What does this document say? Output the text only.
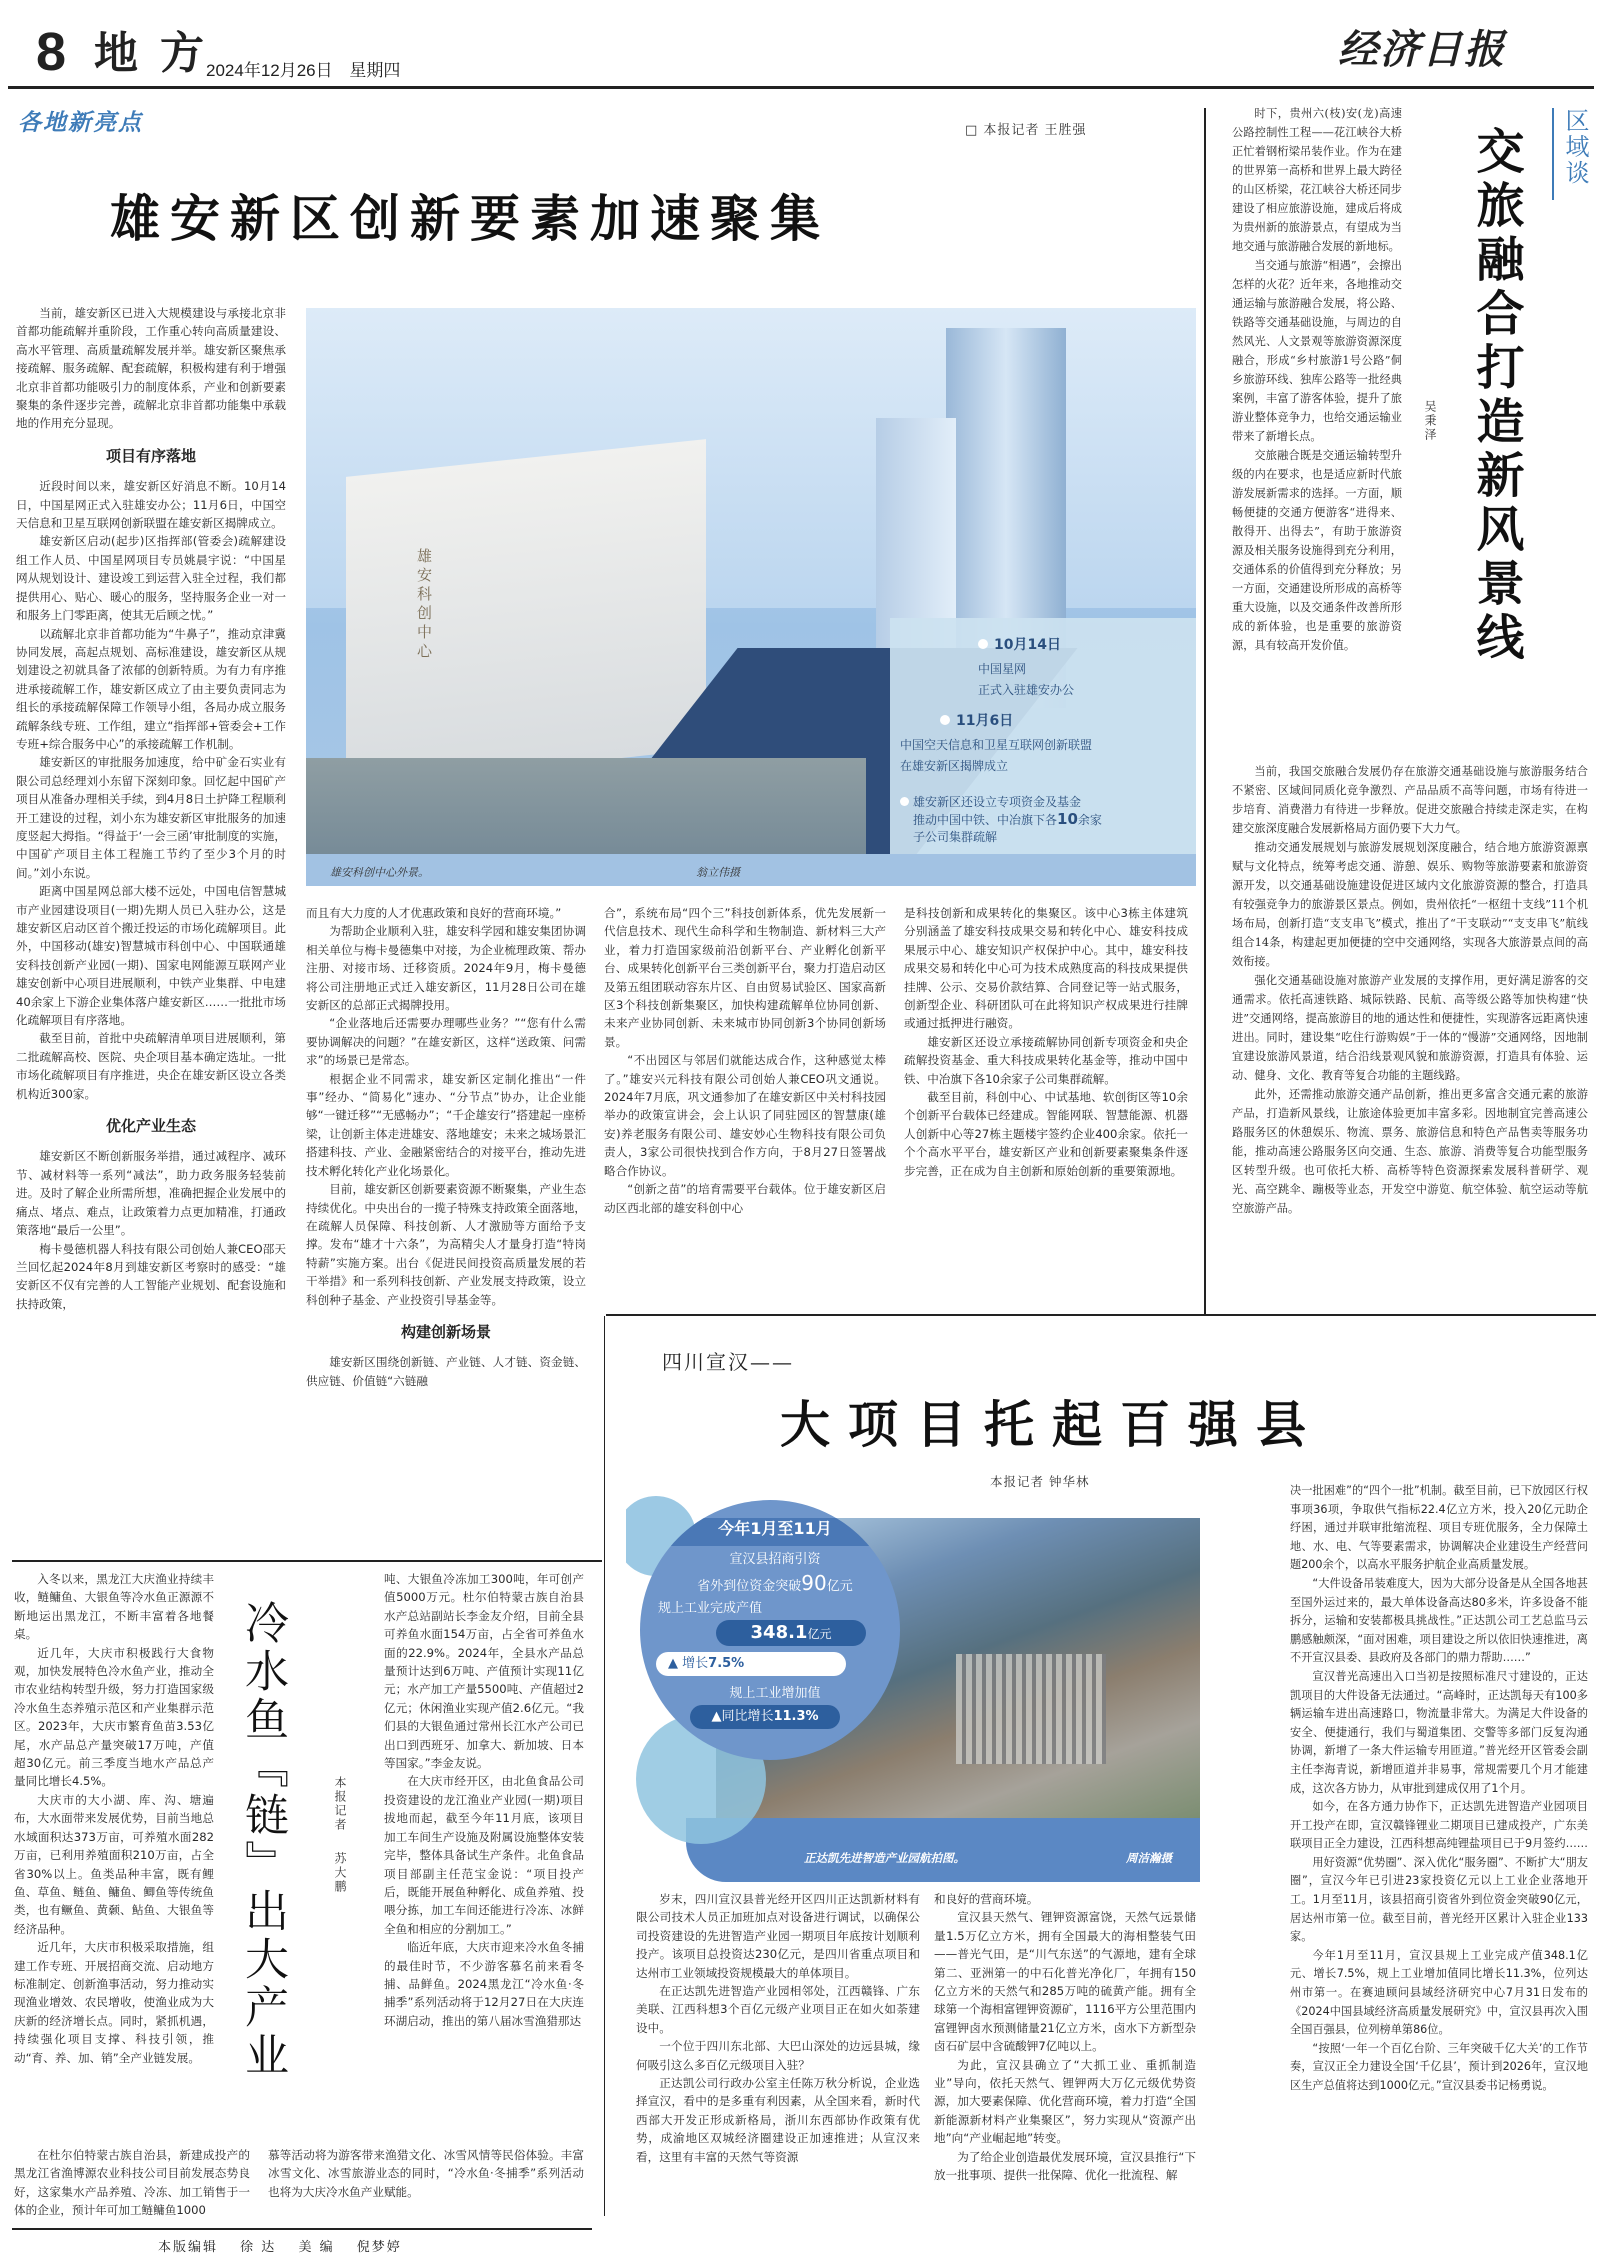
8 地方
2024年12月26日 星期四	经济日报
各地新亮点	□ 本报记者 王胜强
雄安新区创新要素加速聚集

当前，雄安新区已进入大规模建设与承接北京非首都功能疏解并重阶段，工作重心转向高质量建设、高水平管理、高质量疏解发展并举。雄安新区聚焦承接疏解、服务疏解、配套疏解，积极构建有利于增强北京非首都功能吸引力的制度体系，产业和创新要素聚集的条件逐步完善，疏解北京非首都功能集中承载地的作用充分显现。

项目有序落地

近段时间以来，雄安新区好消息不断。10月14日，中国星网正式入驻雄安办公；11月6日，中国空天信息和卫星互联网创新联盟在雄安新区揭牌成立。

雄安新区启动(起步)区指挥部(管委会)疏解建设组工作人员、中国星网项目专员姚晨宇说：“中国星网从规划设计、建设竣工到运营入驻全过程，我们都提供用心、贴心、暖心的服务，坚持服务企业一对一和服务上门零距离，使其无后顾之忧。”

以疏解北京非首都功能为“牛鼻子”，推动京津冀协同发展，高起点规划、高标准建设，雄安新区从规划建设之初就具备了浓郁的创新特质。为有力有序推进承接疏解工作，雄安新区成立了由主要负责同志为组长的承接疏解保障工作领导小组，各局办成立服务疏解条线专班、工作组，建立“指挥部+管委会+工作专班+综合服务中心”的承接疏解工作机制。

雄安新区的审批服务加速度，给中矿金石实业有限公司总经理刘小东留下深刻印象。回忆起中国矿产项目从准备办理相关手续，到4月8日土护降工程顺利开工建设的过程，刘小东为雄安新区审批服务的加速度竖起大拇指。“得益于‘一会三函’审批制度的实施，中国矿产项目主体工程施工节约了至少3个月的时间。”刘小东说。

距离中国星网总部大楼不远处，中国电信智慧城市产业园建设项目(一期)先期人员已入驻办公，这是雄安新区启动区首个搬迁投运的市场化疏解项目。此外，中国移动(雄安)智慧城市科创中心、中国联通雄安科技创新产业园(一期)、国家电网能源互联网产业雄安创新中心项目进展顺利，中铁产业集群、中电建40余家上下游企业集体落户雄安新区……一批批市场化疏解项目有序落地。

截至目前，首批中央疏解清单项目进展顺利，第二批疏解高校、医院、央企项目基本确定选址。一批市场化疏解项目有序推进，央企在雄安新区设立各类机构近300家。

优化产业生态

雄安新区不断创新服务举措，通过减程序、减环节、减材料等一系列“减法”，助力政务服务轻装前进。及时了解企业所需所想，准确把握企业发展中的痛点、堵点、难点，让政策着力点更加精准，打通政策落地“最后一公里”。

梅卡曼德机器人科技有限公司创始人兼CEO邵天兰回忆起2024年8月到雄安新区考察时的感受：“雄安新区不仅有完善的人工智能产业规划、配套设施和扶持政策，

雄安科创中心
雄安科创中心外景。	翁立伟摄
10月14日
中国星网
正式入驻雄安办公
11月6日
中国空天信息和卫星互联网创新联盟
在雄安新区揭牌成立
雄安新区还设立专项资金及基金
推动中国中铁、中冶旗下各10余家
子公司集群疏解

而且有大力度的人才优惠政策和良好的营商环境。”

为帮助企业顺利入驻，雄安科学园和雄安集团协调相关单位与梅卡曼德集中对接，为企业梳理政策、帮办注册、对接市场、迁移资质。2024年9月，梅卡曼德将公司注册地正式迁入雄安新区，11月28日公司在雄安新区的总部正式揭牌投用。

“企业落地后还需要办理哪些业务？”“您有什么需要协调解决的问题？”在雄安新区，这样“送政策、问需求”的场景已是常态。

根据企业不同需求，雄安新区定制化推出“一件事”经办、“简易化”速办、“分节点”协办，让企业能够“一键迁移”“无感畅办”；“千企雄安行”搭建起一座桥梁，让创新主体走进雄安、落地雄安；未来之城场景汇搭建科技、产业、金融紧密结合的对接平台，推动先进技术孵化转化产业化场景化。

目前，雄安新区创新要素资源不断聚集，产业生态持续优化。中央出台的一揽子特殊支持政策全面落地，在疏解人员保障、科技创新、人才激励等方面给予支撑。发布“雄才十六条”，为高精尖人才量身打造“特岗特薪”实施方案。出台《促进民间投资高质量发展的若干举措》和一系列科技创新、产业发展支持政策，设立科创种子基金、产业投资引导基金等。

构建创新场景

雄安新区围绕创新链、产业链、人才链、资金链、供应链、价值链“六链融

合”，系统布局“四个三”科技创新体系，优先发展新一代信息技术、现代生命科学和生物制造、新材料三大产业，着力打造国家级前沿创新平台、产业孵化创新平台、成果转化创新平台三类创新平台，聚力打造启动区及第五组团联动容东片区、自由贸易试验区、国家高新区3个科技创新集聚区，加快构建疏解单位协同创新、未来产业协同创新、未来城市协同创新3个协同创新场景。

“不出园区与邻居们就能达成合作，这种感觉太棒了。”雄安兴元科技有限公司创始人兼CEO巩文通说。2024年7月底，巩文通参加了在雄安新区中关村科技园举办的政策宣讲会，会上认识了同驻园区的智慧康(雄安)养老服务有限公司、雄安妙心生物科技有限公司负责人，3家公司很快找到合作方向，于8月27日签署战略合作协议。

“创新之苗”的培育需要平台载体。位于雄安新区启动区西北部的雄安科创中心

是科技创新和成果转化的集聚区。该中心3栋主体建筑分别涵盖了雄安科技成果交易和转化中心、雄安科技成果展示中心、雄安知识产权保护中心。其中，雄安科技成果交易和转化中心可为技术成熟度高的科技成果提供挂牌、公示、交易价款结算、合同登记等一站式服务，创新型企业、科研团队可在此将知识产权成果进行挂牌或通过抵押进行融资。

雄安新区还设立承接疏解协同创新专项资金和央企疏解投资基金、重大科技成果转化基金等，推动中国中铁、中冶旗下各10余家子公司集群疏解。

截至目前，科创中心、中试基地、软创街区等10余个创新平台载体已经建成。智能网联、智慧能源、机器人创新中心等27栋主题楼宇签约企业400余家。依托一个个高水平平台，雄安新区产业和创新要素聚集条件逐步完善，正在成为自主创新和原始创新的重要策源地。

时下，贵州六(枝)安(龙)高速公路控制性工程——花江峡谷大桥正忙着钢桁梁吊装作业。作为在建的世界第一高桥和世界上最大跨径的山区桥梁，花江峡谷大桥还同步建设了相应旅游设施，建成后将成为贵州新的旅游景点，有望成为当地交通与旅游融合发展的新地标。

当交通与旅游“相遇”，会擦出怎样的火花？近年来，各地推动交通运输与旅游融合发展，将公路、铁路等交通基础设施，与周边的自然风光、人文景观等旅游资源深度融合，形成“乡村旅游1号公路”侗乡旅游环线、独库公路等一批经典案例，丰富了游客体验，提升了旅游业整体竞争力，也给交通运输业带来了新增长点。

交旅融合既是交通运输转型升级的内在要求，也是适应新时代旅游发展新需求的选择。一方面，顺畅便捷的交通方便游客“进得来、散得开、出得去”，有助于旅游资源及相关服务设施得到充分利用，交通体系的价值得到充分释放；另一方面，交通建设所形成的高桥等重大设施，以及交通条件改善所形成的新体验，也是重要的旅游资源，具有较高开发价值。

吴秉泽 交旅融合打造新风景线 区域谈

当前，我国交旅融合发展仍存在旅游交通基础设施与旅游服务结合不紧密、区域间同质化竞争激烈、产品品质不高等问题，市场有待进一步培育、消费潜力有待进一步释放。促进交旅融合持续走深走实，在构建交旅深度融合发展新格局方面仍要下大力气。

推动交通发展规划与旅游发展规划深度融合，结合地方旅游资源禀赋与文化特点，统筹考虑交通、游憩、娱乐、购物等旅游要素和旅游资源开发，以交通基础设施建设促进区域内文化旅游资源的整合，打造具有较强竞争力的旅游景区景点。例如，贵州依托“一枢纽十支线”11个机场布局，创新打造“支支串飞”模式，推出了“干支联动”“支支串飞”航线组合14条，构建起更加便捷的空中交通网络，实现各大旅游景点间的高效衔接。

强化交通基础设施对旅游产业发展的支撑作用，更好满足游客的交通需求。依托高速铁路、城际铁路、民航、高等级公路等加快构建“快进”交通网络，提高旅游目的地的通达性和便捷性，实现游客远距离快速进出。同时，建设集“吃住行游购娱”于一体的“慢游”交通网络，因地制宜建设旅游风景道，结合沿线景观风貌和旅游资源，打造具有体验、运动、健身、文化、教育等复合功能的主题线路。

此外，还需推动旅游交通产品创新，推出更多富含交通元素的旅游产品，打造新风景线，让旅途体验更加丰富多彩。因地制宜完善高速公路服务区的休憩娱乐、物流、票务、旅游信息和特色产品售卖等服务功能，推动高速公路服务区向交通、生态、旅游、消费等复合功能型服务区转型升级。也可依托大桥、高桥等特色资源探索发展科普研学、观光、高空跳伞、蹦极等业态，开发空中游览、航空体验、航空运动等航空旅游产品。

入冬以来，黑龙江大庆渔业持续丰收，鲢鳙鱼、大银鱼等冷水鱼正源源不断地运出黑龙江，不断丰富着各地餐桌。

近几年，大庆市积极践行大食物观，加快发展特色冷水鱼产业，推动全市农业结构转型升级，努力打造国家级冷水鱼生态养殖示范区和产业集群示范区。2023年，大庆市繁育鱼苗3.53亿尾，水产品总产量突破17万吨，产值超30亿元。前三季度当地水产品总产量同比增长4.5%。

大庆市的大小湖、库、沟、塘遍布，大水面带来发展优势，目前当地总水域面积达373万亩，可养殖水面282万亩，已利用养殖面积210万亩，占全省30%以上。鱼类品种丰富，既有鲤鱼、草鱼、鲢鱼、鳙鱼、鲫鱼等传统鱼类，也有鳜鱼、黄颡、鲇鱼、大银鱼等经济品种。

近几年，大庆市积极采取措施，组建工作专班、开展招商交流、启动地方标准制定、创新渔事活动，努力推动实现渔业增效、农民增收，使渔业成为大庆新的经济增长点。同时，紧抓机遇，持续强化项目支撑、科技引领，推动“育、养、加、销”全产业链发展。

在杜尔伯特蒙古族自治县，新建成投产的黑龙江省渔博源农业科技公司目前发展态势良好，这家集水产品养殖、冷冻、加工销售于一体的企业，预计年可加工鲢鳙鱼1000

冷水鱼『链』出大产业	本报记者苏大鹏

吨、大银鱼冷冻加工300吨，年可创产值5000万元。杜尔伯特蒙古族自治县水产总站副站长李金友介绍，目前全县可养鱼水面154万亩，占全省可养鱼水面的22.9%。2024年，全县水产品总量预计达到6万吨、产值预计实现11亿元；水产加工产量5500吨、产值超过2亿元；休闲渔业实现产值2.6亿元。“我们县的大银鱼通过常州长江水产公司已出口到西班牙、加拿大、新加坡、日本等国家。”李金友说。

在大庆市经开区，由北鱼食品公司投资建设的龙江渔业产业园(一期)项目拔地而起，截至今年11月底，该项目加工车间生产设施及附属设施整体安装完毕，整体具备试生产条件。北鱼食品项目部副主任范宝金说：“项目投产后，既能开展鱼种孵化、成鱼养殖、投喂分拣，加工车间还能进行冷冻、冰鲜全鱼和相应的分割加工。”

临近年底，大庆市迎来冷水鱼冬捕的最佳时节，不少游客慕名前来看冬捕、品鲜鱼。2024黑龙江“冷水鱼·冬捕季”系列活动将于12月27日在大庆连环湖启动，推出的第八届冰雪渔猎那达

慕等活动将为游客带来渔猎文化、冰雪风情等民俗体验。丰富冰雪文化、冰雪旅游业态的同时，“冷水鱼·冬捕季”系列活动也将为大庆冷水鱼产业赋能。

本版编辑 徐 达 美 编 倪梦婷
四川宣汉——
大项目托起百强县
本报记者 钟华林
正达凯先进智造产业园航拍图。	周洁瀚摄
今年1月至11月
宣汉县招商引资
省外到位资金突破90亿元
规上工业完成产值
348.1亿元
▲ 增长7.5%
规上工业增加值
▲同比增长11.3%

岁末，四川宣汉县普光经开区四川正达凯新材料有限公司技术人员正加班加点对设备进行调试，以确保公司投资建设的先进智造产业园一期项目年底按计划顺利投产。该项目总投资达230亿元，是四川省重点项目和达州市工业领域投资规模最大的单体项目。

在正达凯先进智造产业园相邻处，江西赣锋、广东美联、江西科想3个百亿元级产业项目正在如火如荼建设中。

一个位于四川东北部、大巴山深处的边远县城，缘何吸引这么多百亿元级项目入驻？

正达凯公司行政办公室主任陈万秋分析说，企业选择宣汉，看中的是多重有利因素，从全国来看，新时代西部大开发正形成新格局，浙川东西部协作政策有优势，成渝地区双城经济圈建设正加速推进；从宣汉来看，这里有丰富的天然气等资源

和良好的营商环境。

宣汉县天然气、锂钾资源富饶，天然气远景储量1.5万亿立方米，拥有全国最大的海相整装气田——普光气田，是“川气东送”的气源地，建有全球第二、亚洲第一的中石化普光净化厂，年拥有150亿立方米的天然气和285万吨的硫黄产能。拥有全球第一个海相富锂钾资源矿，1116平方公里范围内富锂钾卤水预测储量21亿立方米，卤水下方新型杂卤石矿层中含硫酸钾7亿吨以上。

为此，宣汉县确立了“大抓工业、重抓制造业”导向，依托天然气、锂钾两大万亿元级优势资源，加大要素保障、优化营商环境，着力打造“全国新能源新材料产业集聚区”，努力实现从“资源产出地”向“产业崛起地”转变。

为了给企业创造最优发展环境，宣汉县推行“下放一批事项、提供一批保障、优化一批流程、解

决一批困难”的“四个一批”机制。截至目前，已下放园区行权事项36项，争取供气指标22.4亿立方米，投入20亿元助企纾困，通过并联审批缩流程、项目专班优服务，全力保障土地、水、电、气等要素需求，协调解决企业建设生产经营问题200余个，以高水平服务护航企业高质量发展。

“大件设备吊装难度大，因为大部分设备是从全国各地甚至国外运过来的，最大单体设备高达80多米，许多设备不能拆分，运输和安装都极具挑战性。”正达凯公司工艺总监马云鹏感触颇深，“面对困难，项目建设之所以依旧快速推进，离不开宣汉县委、县政府及各部门的鼎力帮助……”

宣汉普光高速出入口当初是按照标准尺寸建设的，正达凯项目的大件设备无法通过。“高峰时，正达凯每天有100多辆运输车进出高速路口，物流量非常大。为满足大件设备的安全、便捷通行，我们与蜀道集团、交警等多部门反复沟通协调，新增了一条大件运输专用匝道。”普光经开区管委会副主任李海青说，新增匝道并非易事，常规需要几个月才能建成，这次各方协力，从审批到建成仅用了1个月。

如今，在各方通力协作下，正达凯先进智造产业园项目开工投产在即，宣汉赣锋锂业二期项目已建成投产，广东美联项目正全力建设，江西科想高纯锂盐项目已于9月签约……

用好资源“优势圈”、深入优化“服务圈”、不断扩大“朋友圈”，宣汉今年已引进23家投资亿元以上工业企业落地开工。1月至11月，该县招商引资省外到位资金突破90亿元，居达州市第一位。截至目前，普光经开区累计入驻企业133家。

今年1月至11月，宣汉县规上工业完成产值348.1亿元、增长7.5%，规上工业增加值同比增长11.3%，位列达州市第一。在赛迪顾问县域经济研究中心7月31日发布的《2024中国县域经济高质量发展研究》中，宣汉县再次入围全国百强县，位列榜单第86位。

“按照‘一年一个百亿台阶、三年突破千亿大关’的工作节奏，宣汉正全力建设全国‘千亿县’，预计到2026年，宣汉地区生产总值将达到1000亿元。”宣汉县委书记杨勇说。
